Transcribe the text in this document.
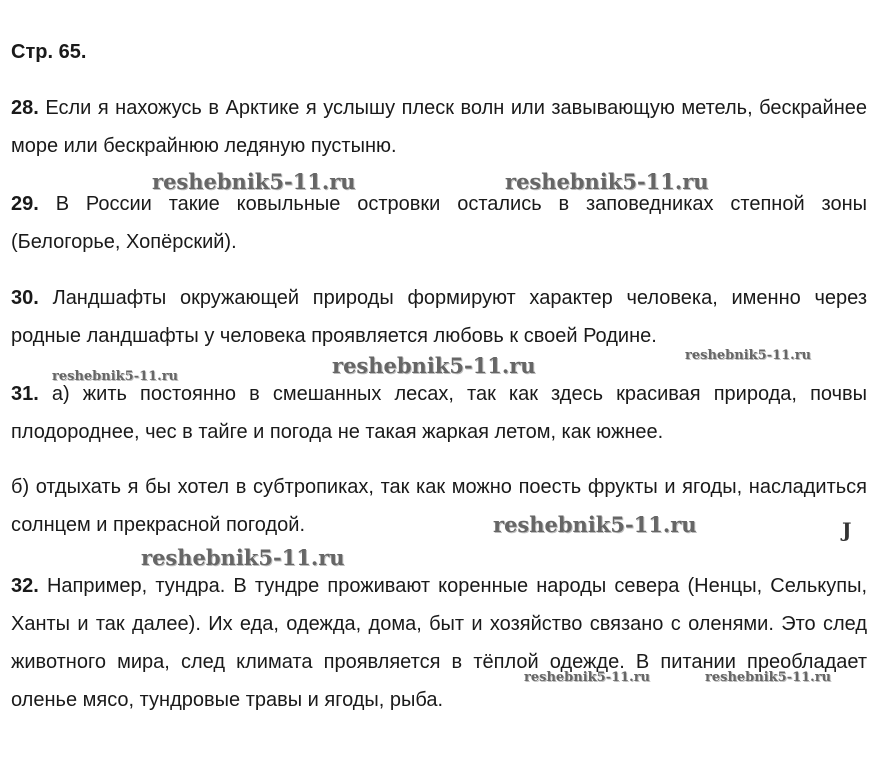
Стр. 65.
28. Если я нахожусь в Арктике я услышу плеск волн или завывающую метель, бескрайнее море или бескрайнюю ледяную пустыню.
29. В России такие ковыльные островки остались в заповедниках степной зоны (Белогорье, Хопёрский).
30. Ландшафты окружающей природы формируют характер человека, именно через родные ландшафты у человека проявляется любовь к своей Родине.
31. а) жить постоянно в смешанных лесах, так как здесь красивая природа, почвы плодороднее, чес в тайге и погода не такая жаркая летом, как южнее.
б) отдыхать я бы хотел в субтропиках, так как можно поесть фрукты и ягоды, насладиться солнцем и прекрасной погодой.
32. Например, тундра. В тундре проживают коренные народы севера (Ненцы, Селькупы, Ханты и так далее). Их еда, одежда, дома, быт и хозяйство связано с оленями. Это след животного мира, след климата проявляется в тёплой одежде. В питании преобладает оленье мясо, тундровые травы и ягоды, рыба.
reshebnik5-11.ru	reshebnik5-11.ru
reshebnik5-11.ru	reshebnik5-11.ru
reshebnik5-11.ru
reshebnik5-11.ru
reshebnik5-11.ru
reshebnik5-11.ru	reshebnik5-11.ru
J
